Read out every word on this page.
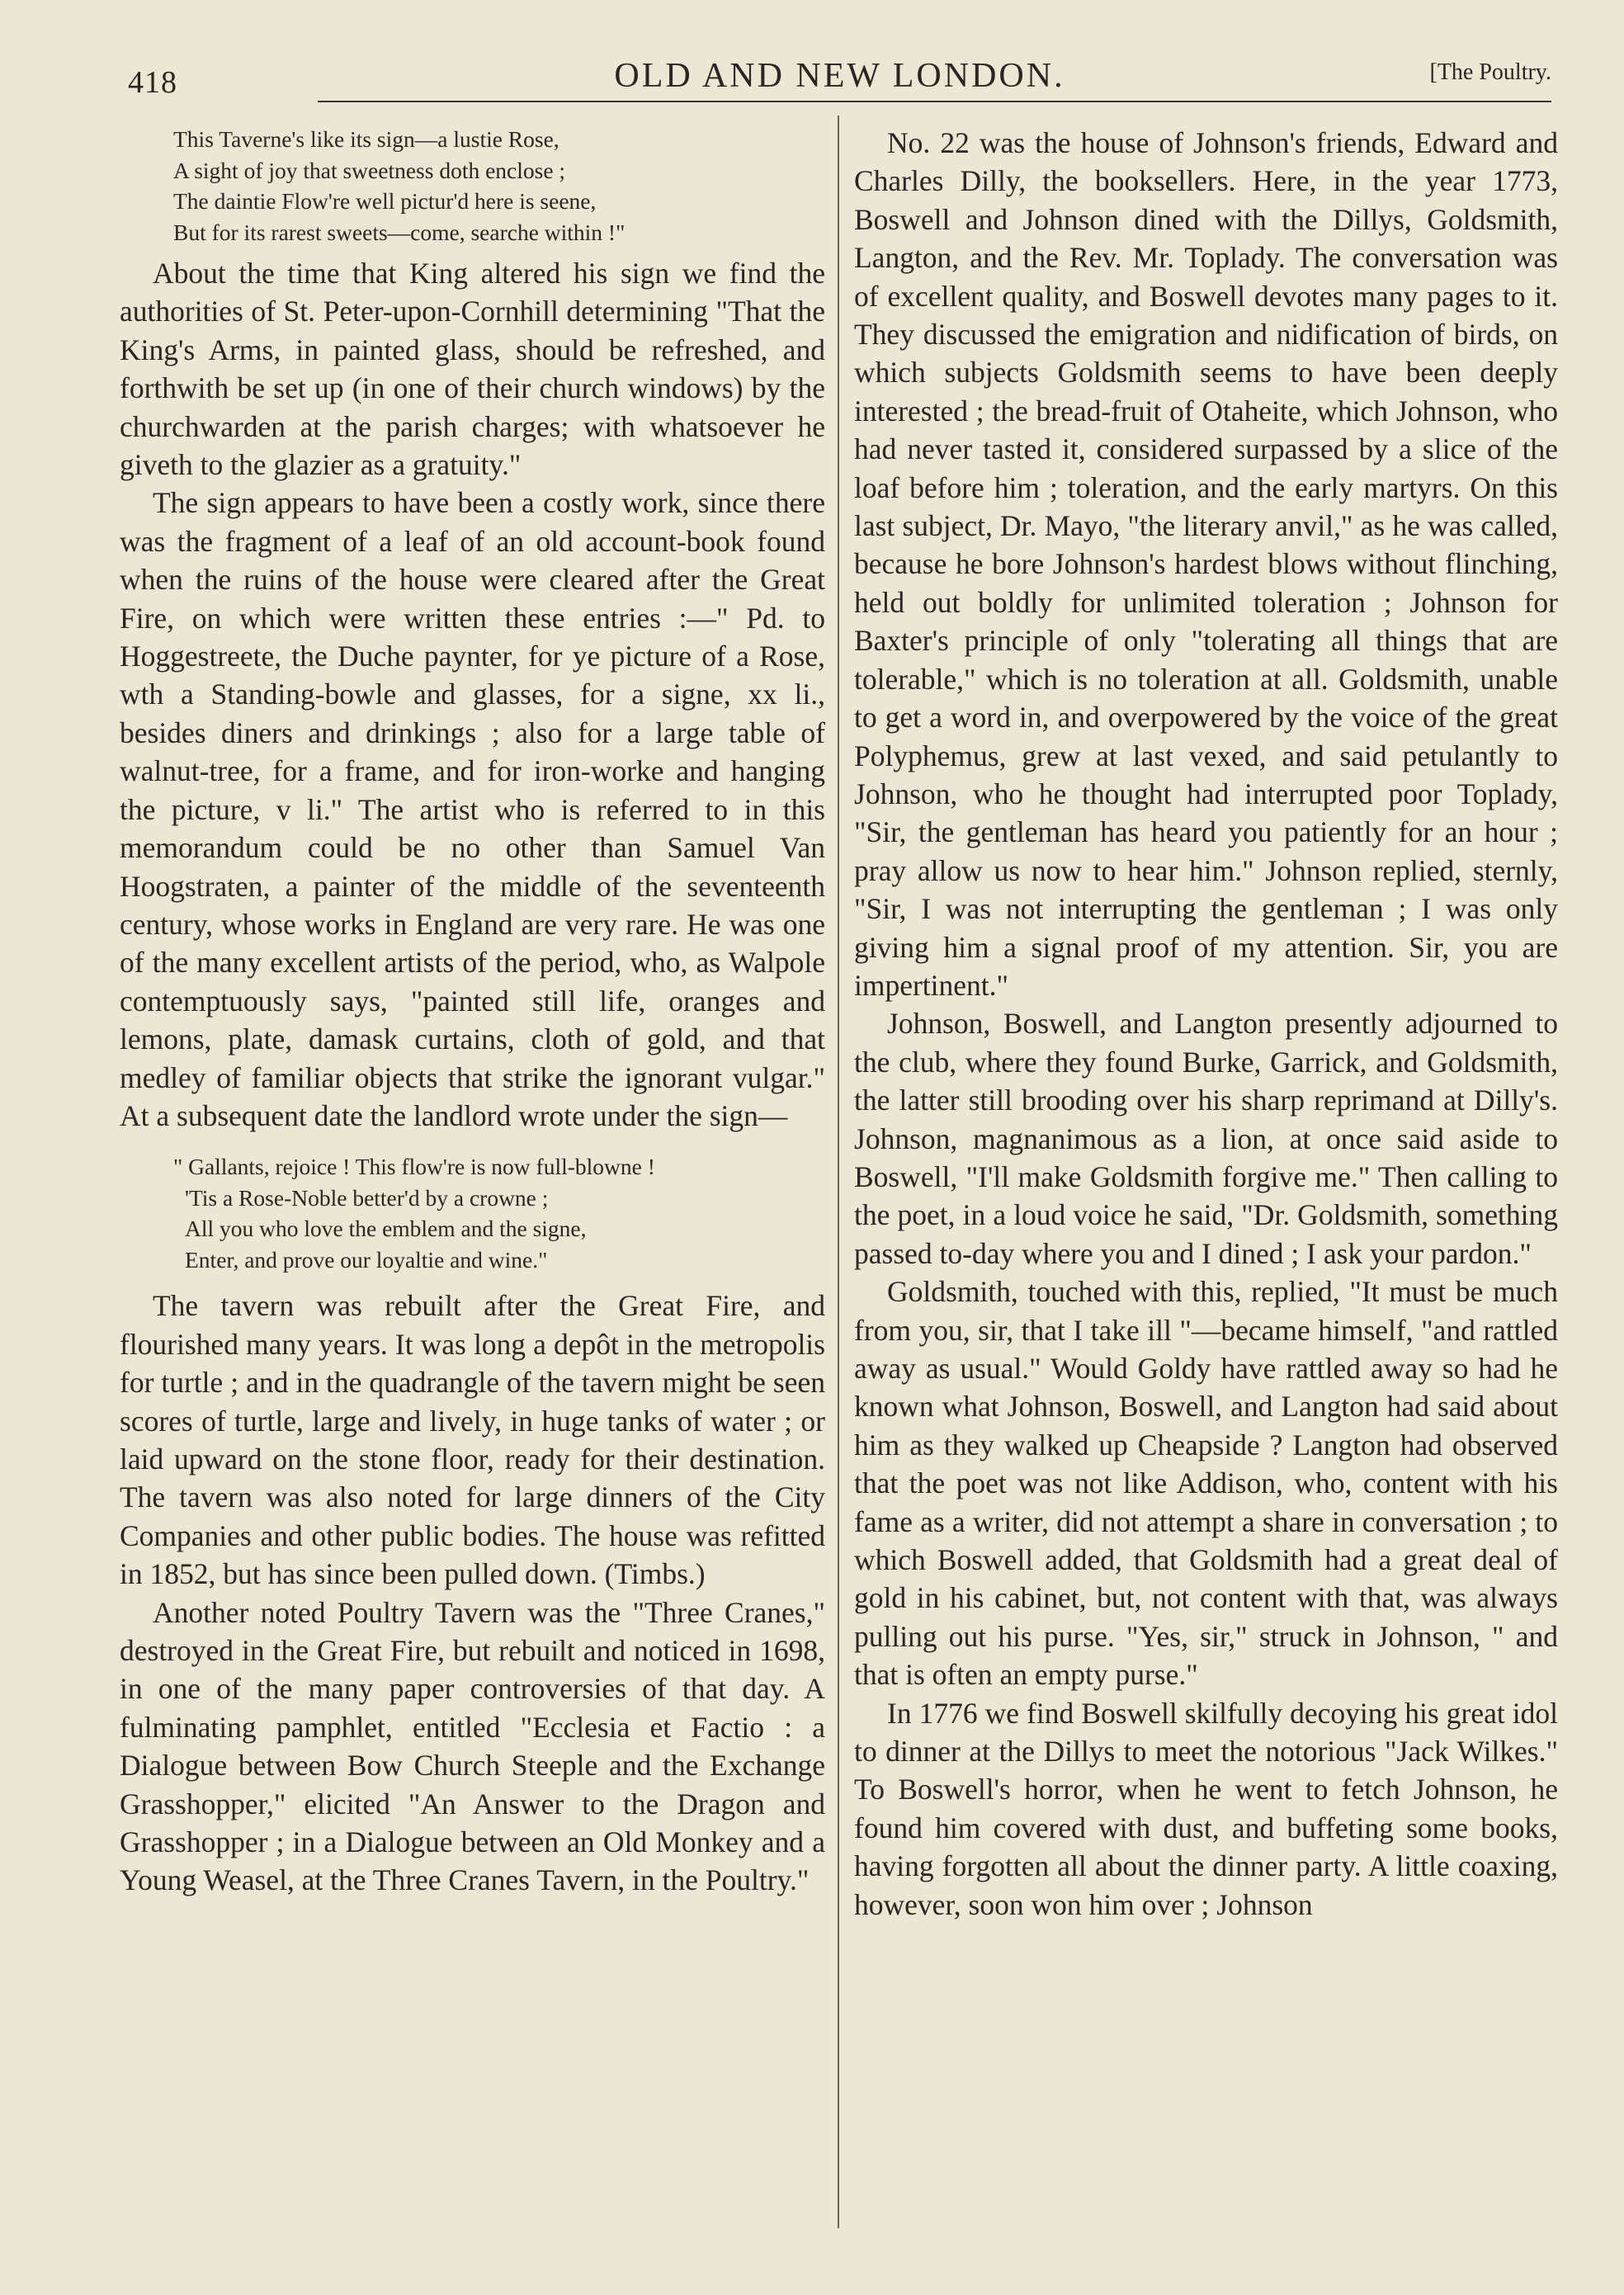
418	OLD AND NEW LONDON.	[The Poultry.
This Taverne's like its sign—a lustie Rose,
A sight of joy that sweetness doth enclose ;
The daintie Flow're well pictur'd here is seene,
But for its rarest sweets—come, searche within !"

About the time that King altered his sign we find the authorities of St. Peter-upon-Cornhill determining "That the King's Arms, in painted glass, should be refreshed, and forthwith be set up (in one of their church windows) by the churchwarden at the parish charges; with whatsoever he giveth to the glazier as a gratuity."

The sign appears to have been a costly work, since there was the fragment of a leaf of an old account-book found when the ruins of the house were cleared after the Great Fire, on which were written these entries :—" Pd. to Hoggestreete, the Duche paynter, for ye picture of a Rose, wth a Standing-bowle and glasses, for a signe, xx li., besides diners and drinkings ; also for a large table of walnut-tree, for a frame, and for iron-worke and hanging the picture, v li." The artist who is referred to in this memorandum could be no other than Samuel Van Hoogstraten, a painter of the middle of the seventeenth century, whose works in England are very rare. He was one of the many excellent artists of the period, who, as Walpole contemptuously says, "painted still life, oranges and lemons, plate, damask curtains, cloth of gold, and that medley of familiar objects that strike the ignorant vulgar." At a subsequent date the landlord wrote under the sign—

" Gallants, rejoice ! This flow're is now full-blowne !
'Tis a Rose-Noble better'd by a crowne ;
All you who love the emblem and the signe,
Enter, and prove our loyaltie and wine."

The tavern was rebuilt after the Great Fire, and flourished many years. It was long a depôt in the metropolis for turtle ; and in the quadrangle of the tavern might be seen scores of turtle, large and lively, in huge tanks of water ; or laid upward on the stone floor, ready for their destination. The tavern was also noted for large dinners of the City Companies and other public bodies. The house was refitted in 1852, but has since been pulled down. (Timbs.)

Another noted Poultry Tavern was the "Three Cranes," destroyed in the Great Fire, but rebuilt and noticed in 1698, in one of the many paper controversies of that day. A fulminating pamphlet, entitled "Ecclesia et Factio : a Dialogue between Bow Church Steeple and the Exchange Grasshopper," elicited "An Answer to the Dragon and Grasshopper ; in a Dialogue between an Old Monkey and a Young Weasel, at the Three Cranes Tavern, in the Poultry."

No. 22 was the house of Johnson's friends, Edward and Charles Dilly, the booksellers. Here, in the year 1773, Boswell and Johnson dined with the Dillys, Goldsmith, Langton, and the Rev. Mr. Toplady. The conversation was of excellent quality, and Boswell devotes many pages to it. They discussed the emigration and nidification of birds, on which subjects Goldsmith seems to have been deeply interested ; the bread-fruit of Otaheite, which Johnson, who had never tasted it, considered surpassed by a slice of the loaf before him ; toleration, and the early martyrs. On this last subject, Dr. Mayo, "the literary anvil," as he was called, because he bore Johnson's hardest blows without flinching, held out boldly for unlimited toleration ; Johnson for Baxter's principle of only "tolerating all things that are tolerable," which is no toleration at all. Goldsmith, unable to get a word in, and overpowered by the voice of the great Polyphemus, grew at last vexed, and said petulantly to Johnson, who he thought had interrupted poor Toplady, "Sir, the gentleman has heard you patiently for an hour ; pray allow us now to hear him." Johnson replied, sternly, "Sir, I was not interrupting the gentleman ; I was only giving him a signal proof of my attention. Sir, you are impertinent."

Johnson, Boswell, and Langton presently adjourned to the club, where they found Burke, Garrick, and Goldsmith, the latter still brooding over his sharp reprimand at Dilly's. Johnson, magnanimous as a lion, at once said aside to Boswell, "I'll make Goldsmith forgive me." Then calling to the poet, in a loud voice he said, "Dr. Goldsmith, something passed to-day where you and I dined ; I ask your pardon."

Goldsmith, touched with this, replied, "It must be much from you, sir, that I take ill "—became himself, "and rattled away as usual." Would Goldy have rattled away so had he known what Johnson, Boswell, and Langton had said about him as they walked up Cheapside ? Langton had observed that the poet was not like Addison, who, content with his fame as a writer, did not attempt a share in conversation ; to which Boswell added, that Goldsmith had a great deal of gold in his cabinet, but, not content with that, was always pulling out his purse. "Yes, sir," struck in Johnson, " and that is often an empty purse."

In 1776 we find Boswell skilfully decoying his great idol to dinner at the Dillys to meet the notorious "Jack Wilkes." To Boswell's horror, when he went to fetch Johnson, he found him covered with dust, and buffeting some books, having forgotten all about the dinner party. A little coaxing, however, soon won him over ; Johnson
